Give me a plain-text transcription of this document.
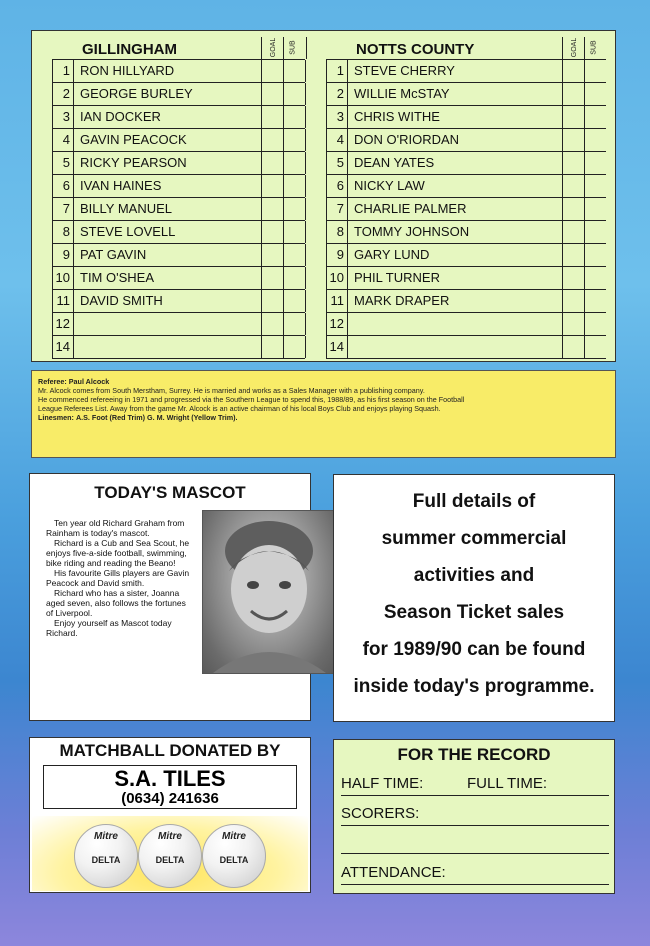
GILLINGHAM	GOAL SUB
1 RON HILLYARD
2 GEORGE BURLEY
3 IAN DOCKER
4 GAVIN PEACOCK
5 RICKY PEARSON
6 IVAN HAINES
7 BILLY MANUEL
8 STEVE LOVELL
9 PAT GAVIN
10 TIM O'SHEA
11 DAVID SMITH
12
14
NOTTS COUNTY	GOAL SUB
1 STEVE CHERRY
2 WILLIE McSTAY
3 CHRIS WITHE
4 DON O'RIORDAN
5 DEAN YATES
6 NICKY LAW
7 CHARLIE PALMER
8 TOMMY JOHNSON
9 GARY LUND
10 PHIL TURNER
11 MARK DRAPER
12
14
Referee: Paul Alcock
Mr. Alcock comes from South Merstham, Surrey. He is married and works as a Sales Manager with a publishing company.
He commenced refereeing in 1971 and progressed via the Southern League to spend this, 1988/89, as his first season on the Football
League Referees List. Away from the game Mr. Alcock is an active chairman of his local Boys Club and enjoys playing Squash.
Linesmen: A.S. Foot (Red Trim) G. M. Wright (Yellow Trim).
TODAY'S MASCOT

Ten year old Richard Graham from Rainham is today's mascot.

Richard is a Cub and Sea Scout, he enjoys five-a-side football, swimming, bike riding and reading the Beano!

His favourite Gills players are Gavin Peacock and David smith.

Richard who has a sister, Joanna aged seven, also follows the fortunes of Liverpool.

Enjoy yourself as Mascot today Richard.

Full details of
summer commercial
activities and
Season Ticket sales
for 1989/90 can be found
inside today's programme.
MATCHBALL DONATED BY
S.A. TILES
(0634) 241636
Mitre
DELTA
Mitre
DELTA
Mitre
DELTA
FOR THE RECORD
HALF TIME:	FULL TIME:
SCORERS:
ATTENDANCE:
